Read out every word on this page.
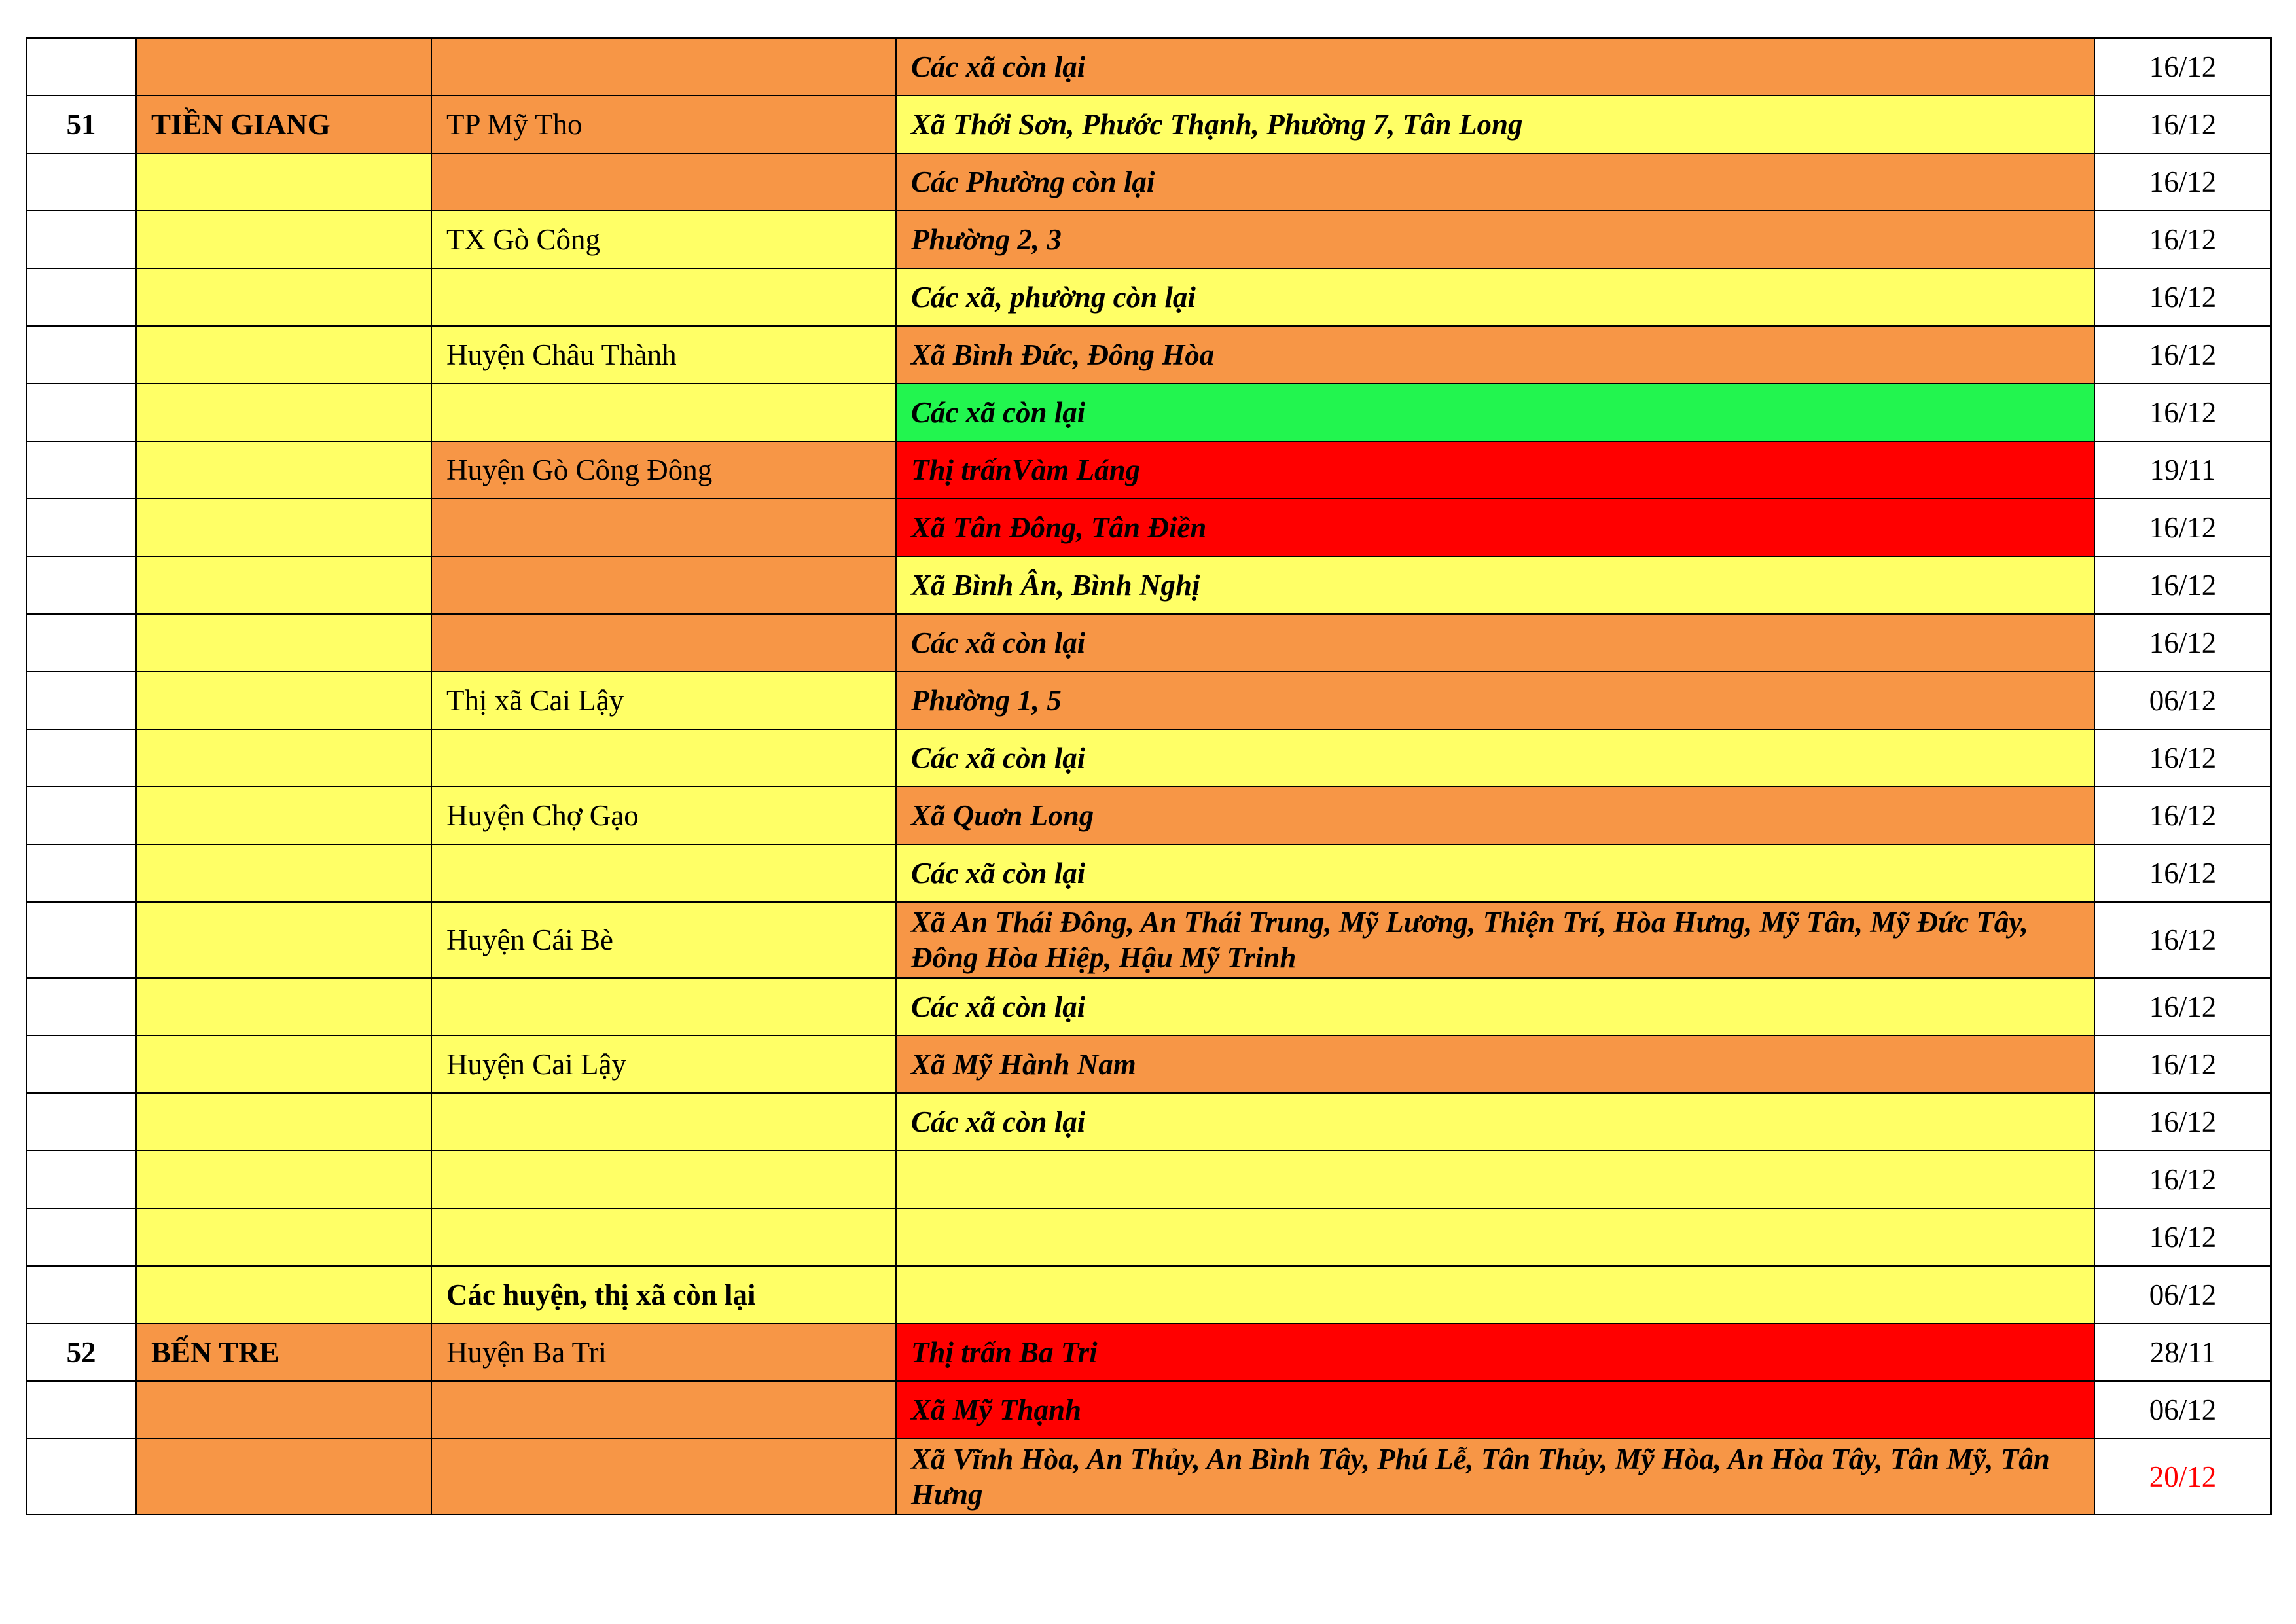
			Các xã còn lại	16/12
51	TIỀN GIANG	TP Mỹ Tho	Xã Thới Sơn, Phước Thạnh, Phường 7, Tân Long	16/12
			Các Phường còn lại	16/12
		TX Gò Công	Phường 2, 3	16/12
			Các xã, phường còn lại	16/12
		Huyện Châu Thành	Xã Bình Đức, Đông Hòa	16/12
			Các xã còn lại	16/12
		Huyện Gò Công Đông	Thị trấnVàm Láng	19/11
			Xã Tân Đông, Tân Điền	16/12
			Xã Bình Ân, Bình Nghị	16/12
			Các xã còn lại	16/12
		Thị xã Cai Lậy	Phường 1, 5	06/12
			Các xã còn lại	16/12
		Huyện Chợ Gạo	Xã Quơn Long	16/12
			Các xã còn lại	16/12
		Huyện Cái Bè	Xã An Thái Đông, An Thái Trung, Mỹ Lương, Thiện Trí, Hòa Hưng, Mỹ Tân, Mỹ Đức Tây, Đông Hòa Hiệp, Hậu Mỹ Trinh	16/12
			Các xã còn lại	16/12
		Huyện Cai Lậy	Xã Mỹ Hành Nam	16/12
			Các xã còn lại	16/12
				16/12
				16/12
		Các huyện, thị xã còn lại		06/12
52	BẾN TRE	Huyện Ba Tri	Thị trấn Ba Tri	28/11
			Xã Mỹ Thạnh	06/12
			Xã Vĩnh Hòa, An Thủy, An Bình Tây, Phú Lễ, Tân Thủy, Mỹ Hòa, An Hòa Tây, Tân Mỹ, Tân Hưng	20/12
